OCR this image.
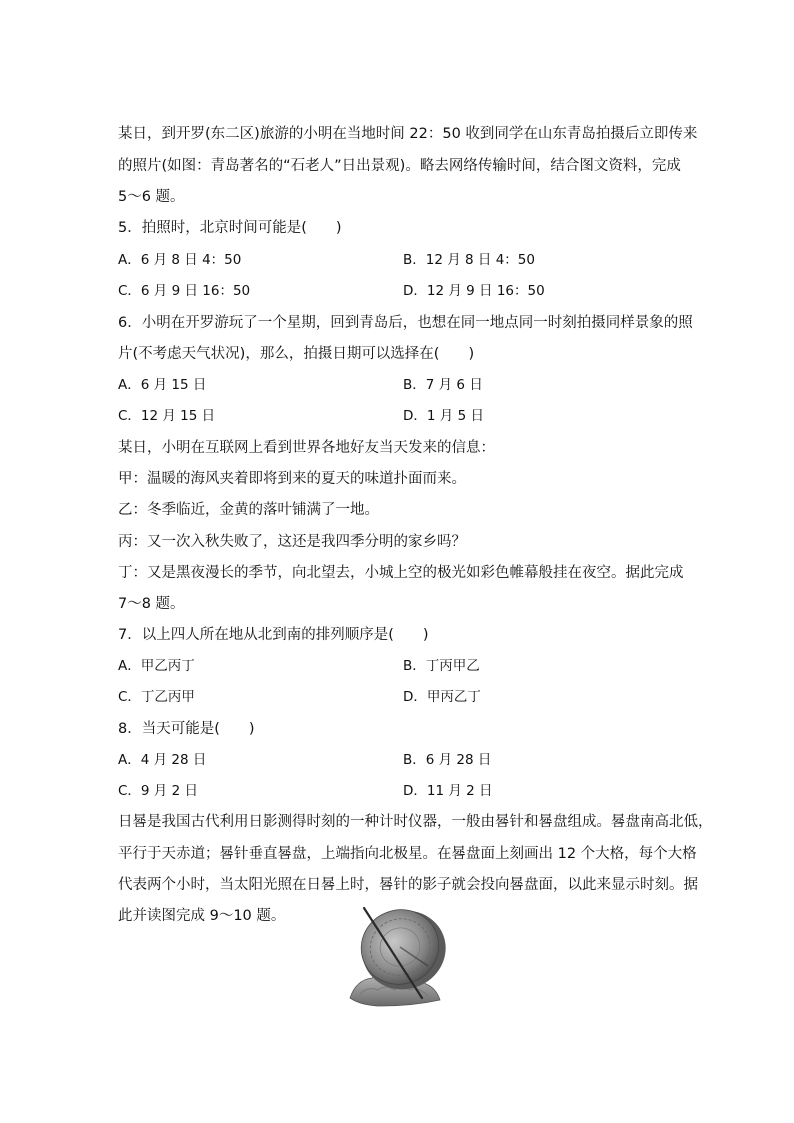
某日，到开罗(东二区)旅游的小明在当地时间 22：50 收到同学在山东青岛拍摄后立即传来
的照片(如图：青岛著名的“石老人”日出景观)。略去网络传输时间，结合图文资料，完成
5～6 题。
5．拍照时，北京时间可能是(　　)
A．6 月 8 日 4：50	B．12 月 8 日 4：50
C．6 月 9 日 16：50	D．12 月 9 日 16：50
6．小明在开罗游玩了一个星期，回到青岛后，也想在同一地点同一时刻拍摄同样景象的照
片(不考虑天气状况)，那么，拍摄日期可以选择在(　　)
A．6 月 15 日	B．7 月 6 日
C．12 月 15 日	D．1 月 5 日
某日，小明在互联网上看到世界各地好友当天发来的信息：
甲：温暖的海风夹着即将到来的夏天的味道扑面而来。
乙：冬季临近，金黄的落叶铺满了一地。
丙：又一次入秋失败了，这还是我四季分明的家乡吗？
丁：又是黑夜漫长的季节，向北望去，小城上空的极光如彩色帷幕般挂在夜空。据此完成
7～8 题。
7．以上四人所在地从北到南的排列顺序是(　　)
A．甲乙丙丁	B．丁丙甲乙
C．丁乙丙甲	D．甲丙乙丁
8．当天可能是(　　)
A．4 月 28 日	B．6 月 28 日
C．9 月 2 日	D．11 月 2 日
日晷是我国古代利用日影测得时刻的一种计时仪器，一般由晷针和晷盘组成。晷盘南高北低，
平行于天赤道；晷针垂直晷盘，上端指向北极星。在晷盘面上刻画出 12 个大格，每个大格
代表两个小时，当太阳光照在日晷上时，晷针的影子就会投向晷盘面，以此来显示时刻。据
此并读图完成 9～10 题。
